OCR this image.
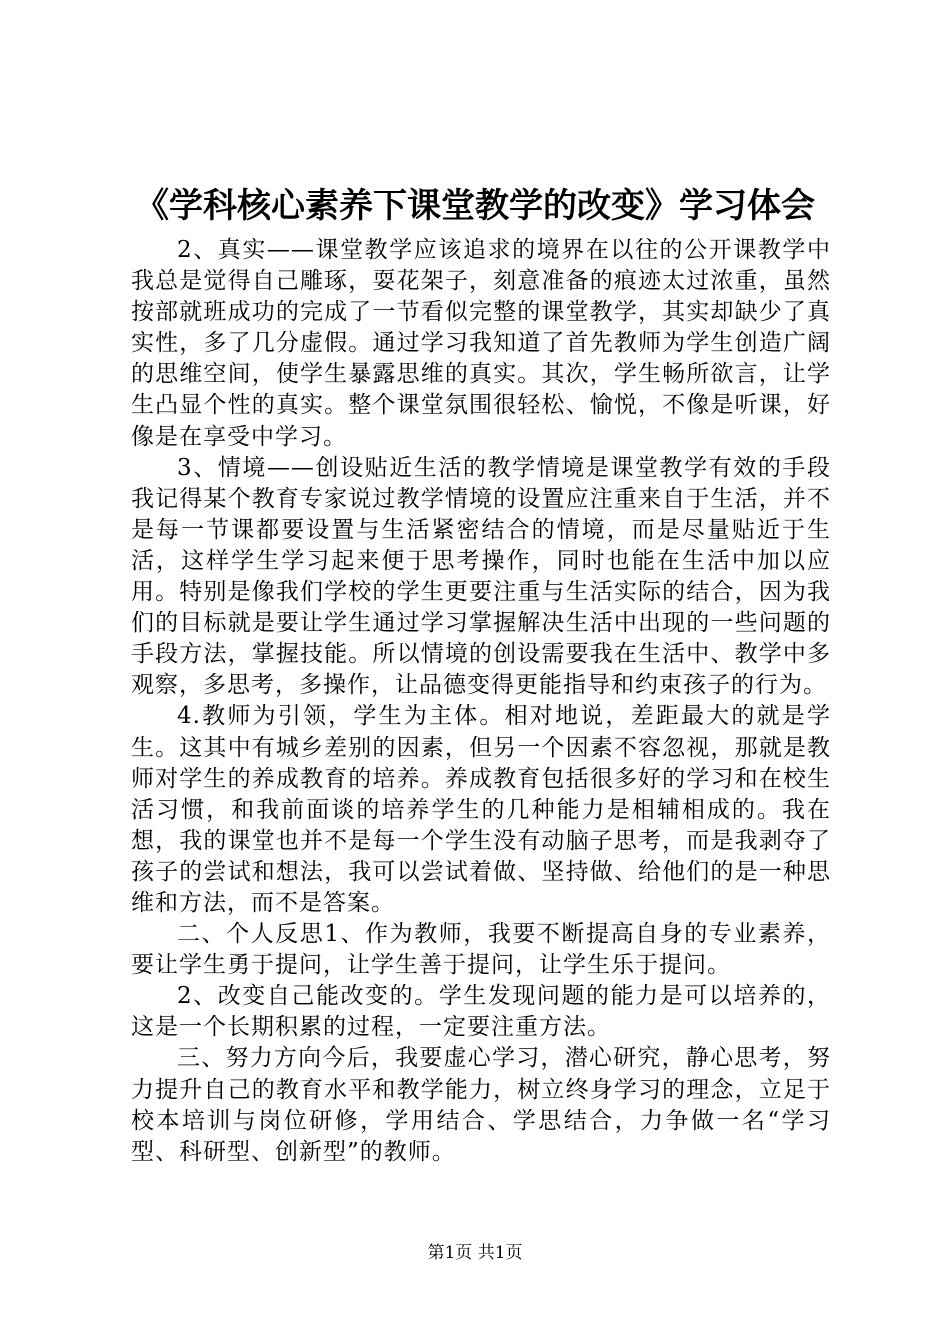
《学科核心素养下课堂教学的改变》学习体会

2、真实——课堂教学应该追求的境界在以往的公开课教学中我总是觉得自己雕琢，耍花架子，刻意准备的痕迹太过浓重，虽然按部就班成功的完成了一节看似完整的课堂教学，其实却缺少了真实性，多了几分虚假。通过学习我知道了首先教师为学生创造广阔的思维空间，使学生暴露思维的真实。其次，学生畅所欲言，让学生凸显个性的真实。整个课堂氛围很轻松、愉悦，不像是听课，好像是在享受中学习。

3、情境——创设贴近生活的教学情境是课堂教学有效的手段我记得某个教育专家说过教学情境的设置应注重来自于生活，并不是每一节课都要设置与生活紧密结合的情境，而是尽量贴近于生活，这样学生学习起来便于思考操作，同时也能在生活中加以应用。特别是像我们学校的学生更要注重与生活实际的结合，因为我们的目标就是要让学生通过学习掌握解决生活中出现的一些问题的手段方法，掌握技能。所以情境的创设需要我在生活中、教学中多观察，多思考，多操作，让品德变得更能指导和约束孩子的行为。

4.教师为引领，学生为主体。相对地说，差距最大的就是学生。这其中有城乡差别的因素，但另一个因素不容忽视，那就是教师对学生的养成教育的培养。养成教育包括很多好的学习和在校生活习惯，和我前面谈的培养学生的几种能力是相辅相成的。我在想，我的课堂也并不是每一个学生没有动脑子思考，而是我剥夺了孩子的尝试和想法，我可以尝试着做、坚持做、给他们的是一种思维和方法，而不是答案。

二、个人反思1、作为教师，我要不断提高自身的专业素养，要让学生勇于提问，让学生善于提问，让学生乐于提问。

2、改变自己能改变的。学生发现问题的能力是可以培养的，这是一个长期积累的过程，一定要注重方法。

三、努力方向今后，我要虚心学习，潜心研究，静心思考，努力提升自己的教育水平和教学能力，树立终身学习的理念，立足于校本培训与岗位研修，学用结合、学思结合，力争做一名“学习型、科研型、创新型”的教师。

第1页 共1页
